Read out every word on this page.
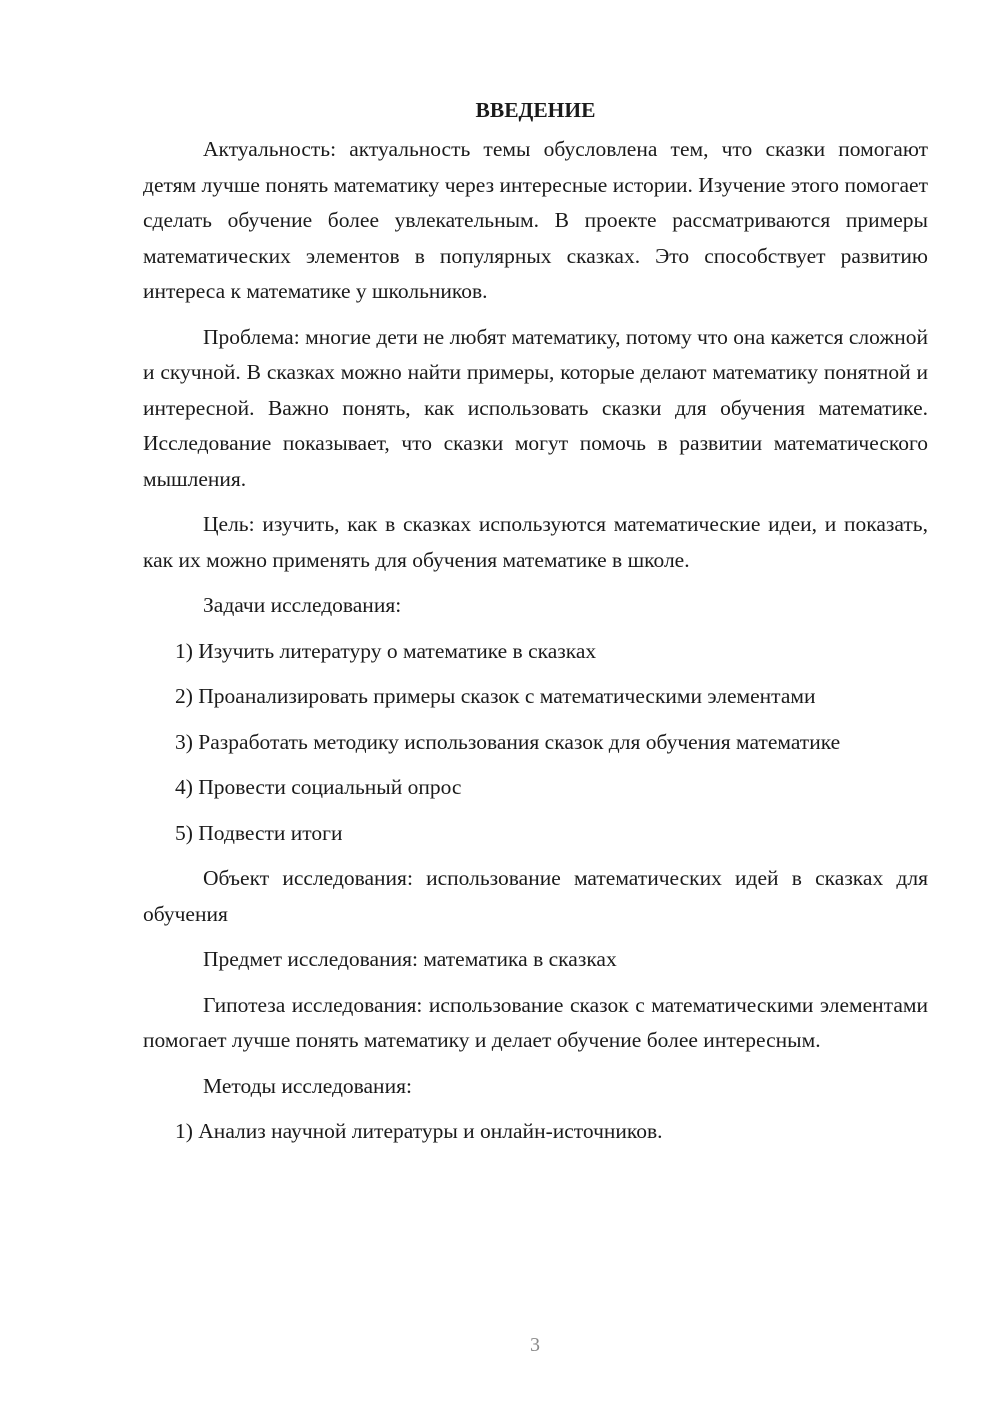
ВВЕДЕНИЕ

Актуальность: актуальность темы обусловлена тем, что сказки помогают детям лучше понять математику через интересные истории. Изучение этого помогает сделать обучение более увлекательным. В проекте рассматриваются примеры математических элементов в популярных сказках. Это способствует развитию интереса к математике у школьников.

Проблема: многие дети не любят математику, потому что она кажется сложной и скучной. В сказках можно найти примеры, которые делают математику понятной и интересной. Важно понять, как использовать сказки для обучения математике. Исследование показывает, что сказки могут помочь в развитии математического мышления.

Цель: изучить, как в сказках используются математические идеи, и показать, как их можно применять для обучения математике в школе.

Задачи исследования:

1) Изучить литературу о математике в сказках

2) Проанализировать примеры сказок с математическими элементами

3) Разработать методику использования сказок для обучения математике

4) Провести социальный опрос

5) Подвести итоги

Объект исследования: использование математических идей в сказках для обучения

Предмет исследования: математика в сказках

Гипотеза исследования: использование сказок с математическими элементами помогает лучше понять математику и делает обучение более интересным.

Методы исследования:

1) Анализ научной литературы и онлайн-источников.

3
